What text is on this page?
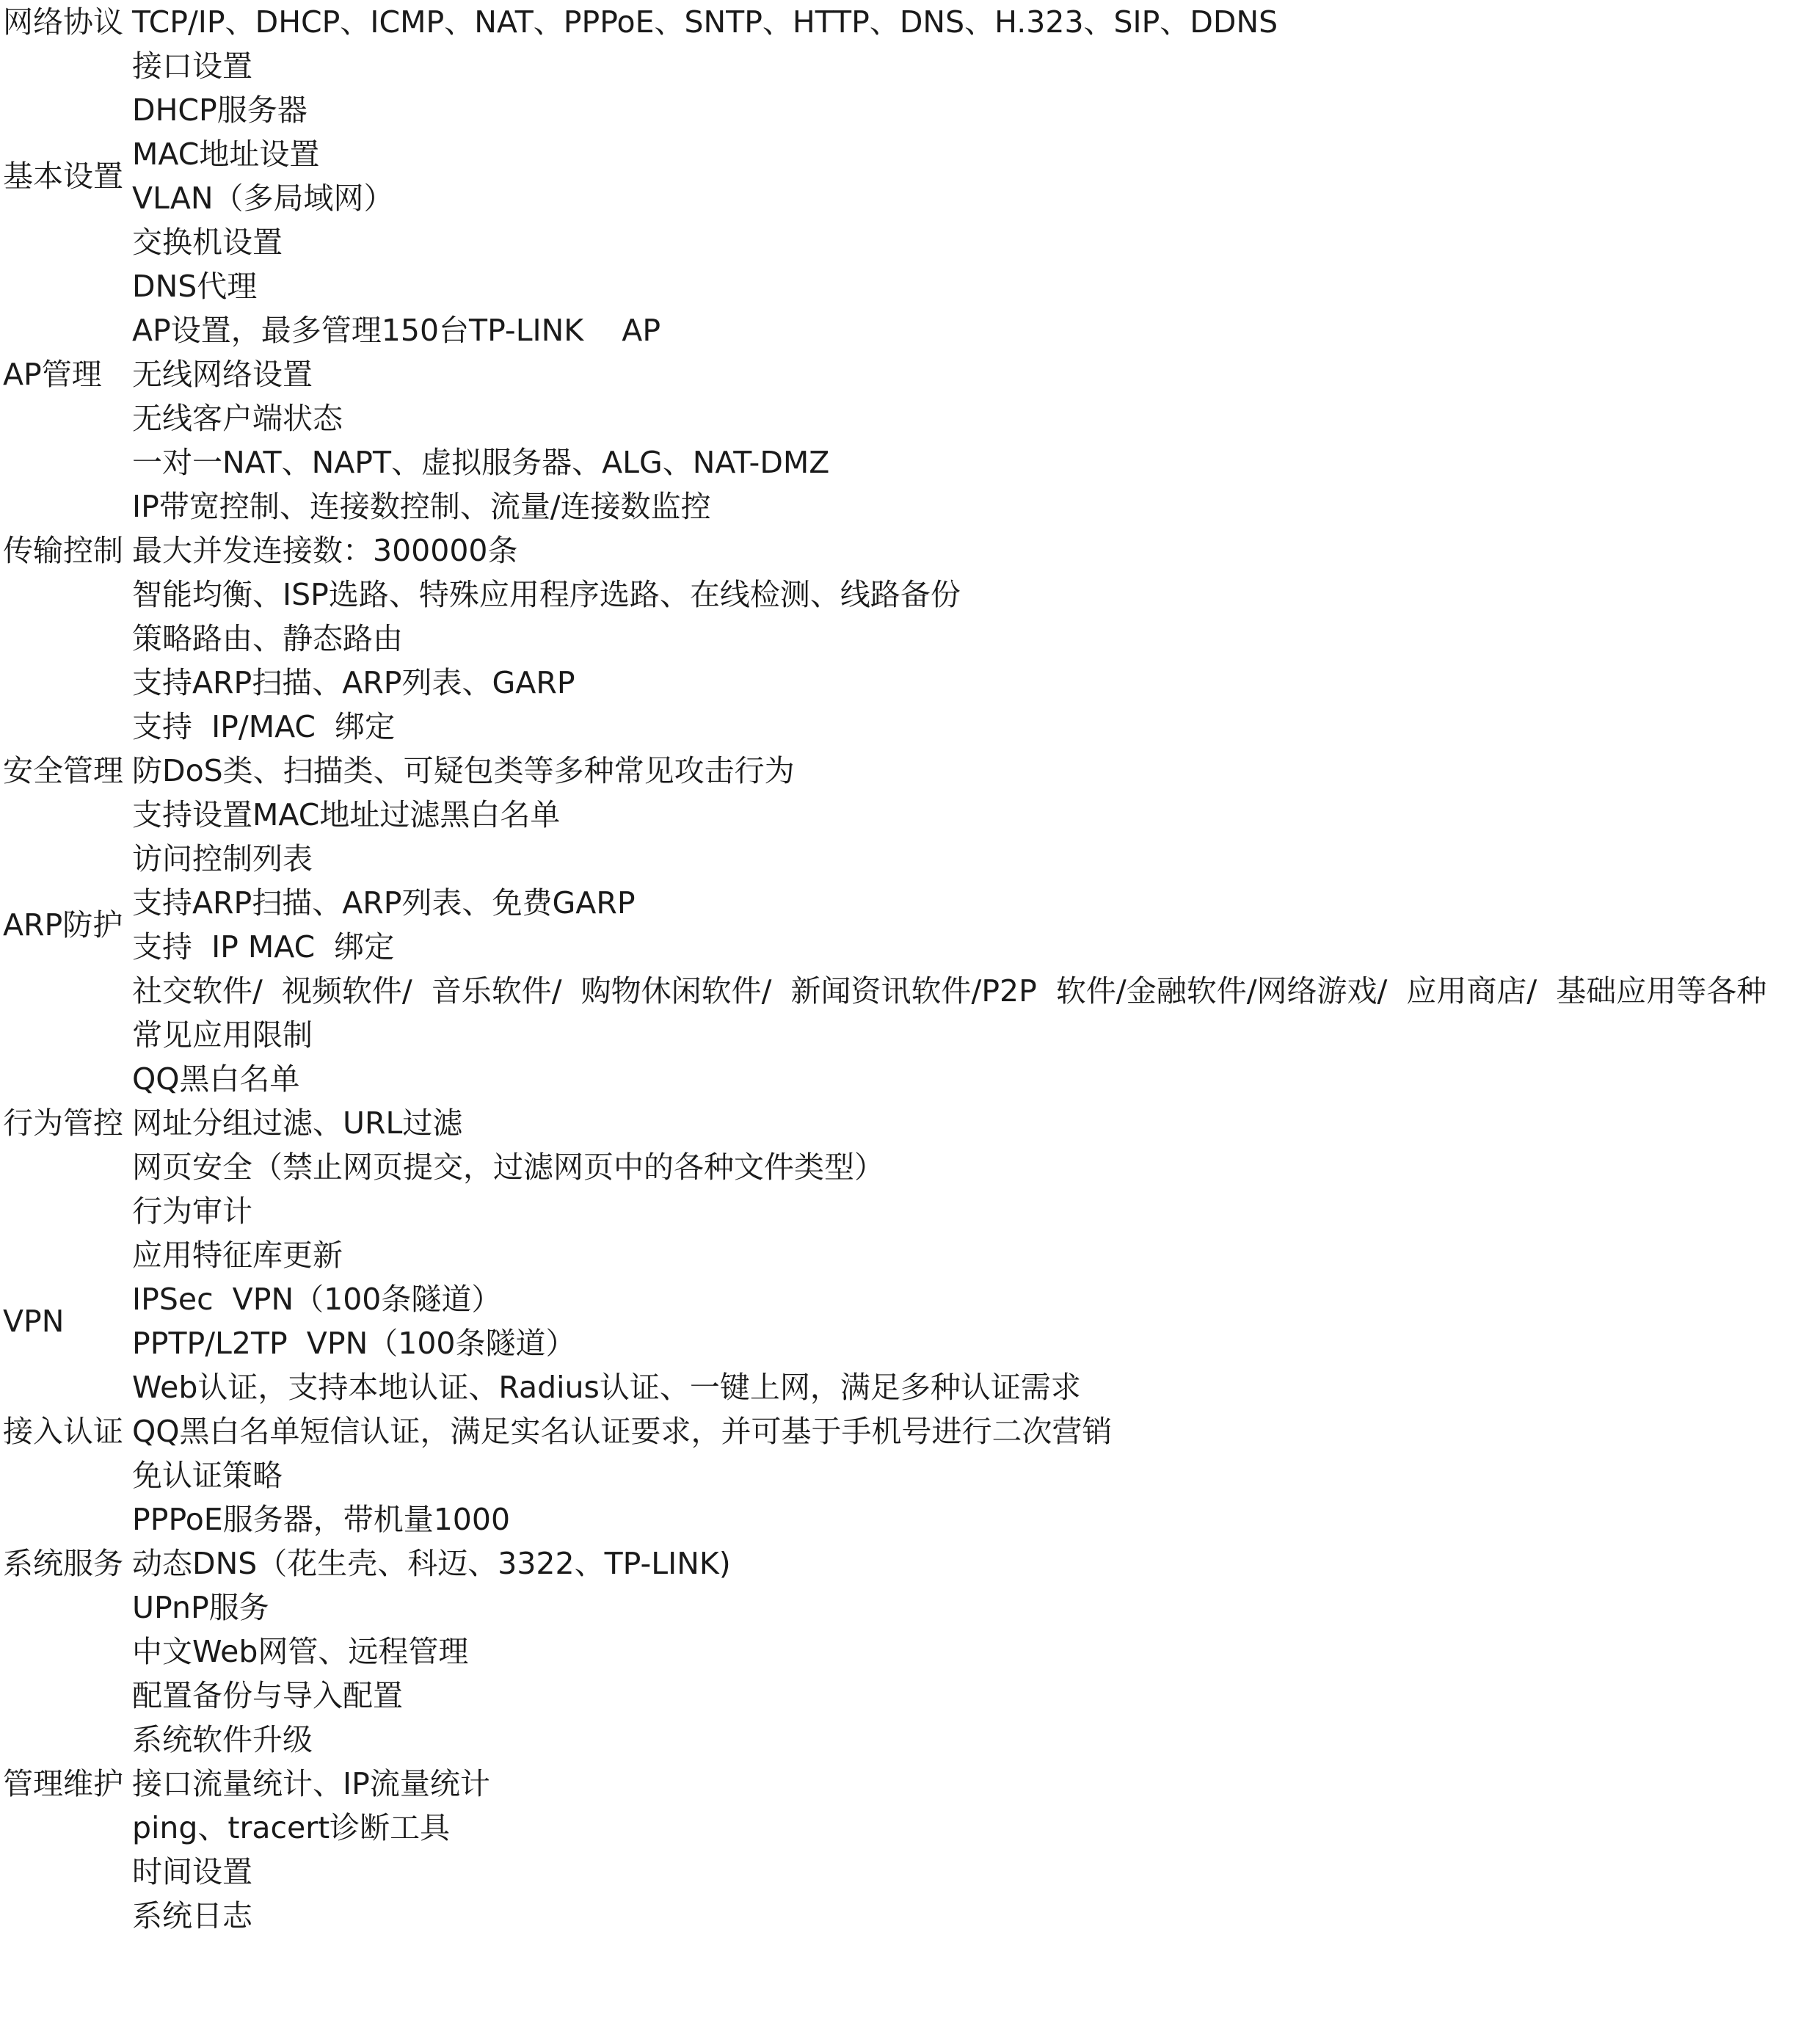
网络协议 TCP/IP、DHCP、ICMP、NAT、PPPoE、SNTP、HTTP、DNS、H.323、SIP、DDNS
基本设置
接口设置
DHCP服务器
MAC地址设置
VLAN（多局域网）
交换机设置
DNS代理
AP管理
AP设置，最多管理150台TP-LINK    AP
无线网络设置
无线客户端状态
传输控制
一对一NAT、NAPT、虚拟服务器、ALG、NAT-DMZ
IP带宽控制、连接数控制、流量/连接数监控
最大并发连接数：300000条
智能均衡、ISP选路、特殊应用程序选路、在线检测、线路备份
策略路由、静态路由
安全管理
支持ARP扫描、ARP列表、GARP
支持  IP/MAC  绑定
防DoS类、扫描类、可疑包类等多种常见攻击行为
支持设置MAC地址过滤黑白名单
访问控制列表
ARP防护
支持ARP扫描、ARP列表、免费GARP
支持  IP MAC  绑定
行为管控
社交软件/  视频软件/  音乐软件/  购物休闲软件/  新闻资讯软件/P2P  软件/金融软件/网络游戏/  应用商店/  基础应用等各种常见应用限制
QQ黑白名单
网址分组过滤、URL过滤
网页安全（禁止网页提交，过滤网页中的各种文件类型）
行为审计
应用特征库更新
VPN
IPSec  VPN（100条隧道）
PPTP/L2TP  VPN（100条隧道）
接入认证
Web认证，支持本地认证、Radius认证、一键上网，满足多种认证需求
QQ黑白名单短信认证，满足实名认证要求，并可基于手机号进行二次营销
免认证策略
系统服务
PPPoE服务器，带机量1000
动态DNS（花生壳、科迈、3322、TP-LINK)
UPnP服务
管理维护
中文Web网管、远程管理
配置备份与导入配置
系统软件升级
接口流量统计、IP流量统计
ping、tracert诊断工具
时间设置
系统日志
